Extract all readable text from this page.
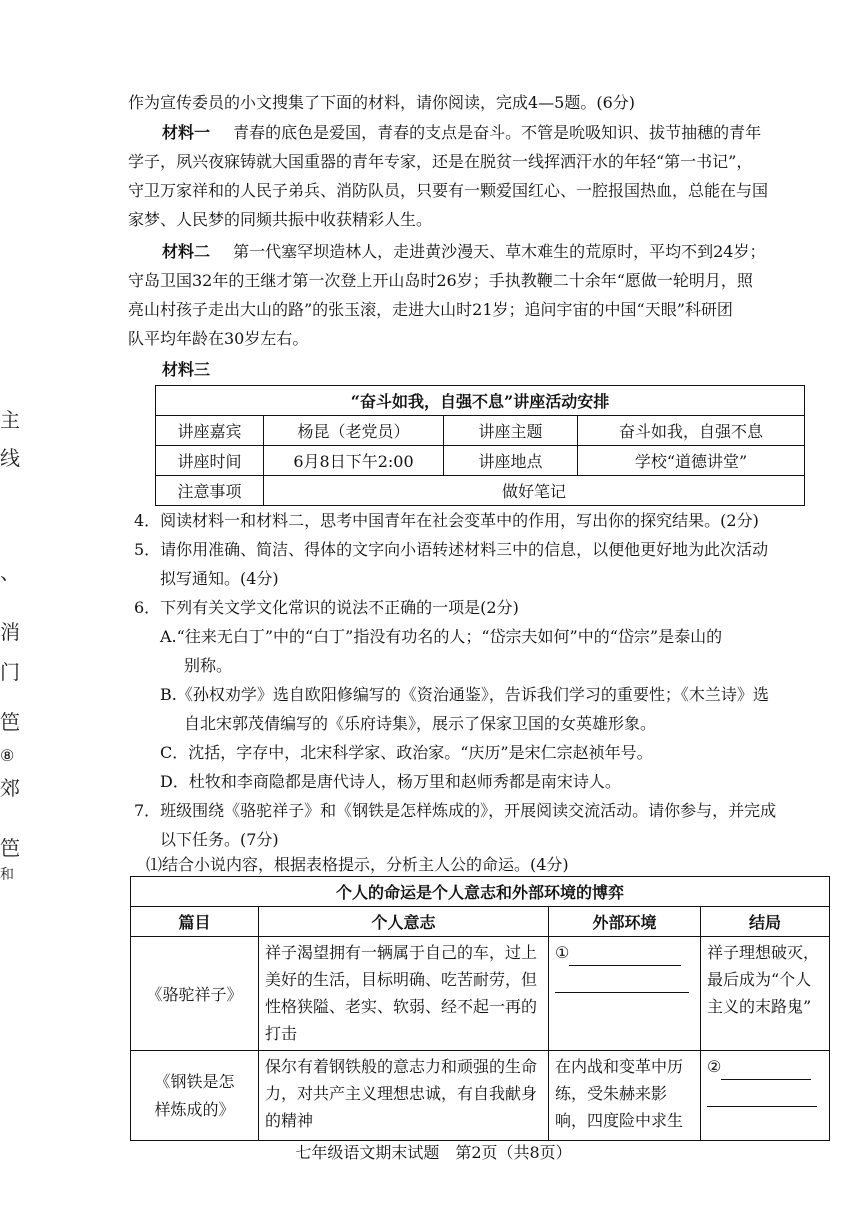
主
线
、
消
门
笆
⑧
郊
笆
和
作为宣传委员的小文搜集了下面的材料，请你阅读，完成4—5题。(6分)
材料一 青春的底色是爱国，青春的支点是奋斗。不管是吮吸知识、拔节抽穗的青年
学子，夙兴夜寐铸就大国重器的青年专家，还是在脱贫一线挥洒汗水的年轻“第一书记”，
守卫万家祥和的人民子弟兵、消防队员，只要有一颗爱国红心、一腔报国热血，总能在与国
家梦、人民梦的同频共振中收获精彩人生。
材料二 第一代塞罕坝造林人，走进黄沙漫天、草木难生的荒原时，平均不到24岁；
守岛卫国32年的王继才第一次登上开山岛时26岁；手执教鞭二十余年“愿做一轮明月，照
亮山村孩子走出大山的路”的张玉滚，走进大山时21岁；追问宇宙的中国“天眼”科研团
队平均年龄在30岁左右。
材料三
“奋斗如我，自强不息”讲座活动安排			
讲座嘉宾	杨昆（老党员）	讲座主题	奋斗如我，自强不息
讲座时间	6月8日下午2:00	讲座地点	学校“道德讲堂”
注意事项	做好笔记		
4．阅读材料一和材料二，思考中国青年在社会变革中的作用，写出你的探究结果。(2分)
5．请你用准确、简洁、得体的文字向小语转述材料三中的信息，以便他更好地为此次活动
拟写通知。(4分)
6．下列有关文学文化常识的说法不正确的一项是(2分)
A.“往来无白丁”中的“白丁”指没有功名的人；“岱宗夫如何”中的“岱宗”是泰山的
别称。
B.《孙权劝学》选自欧阳修编写的《资治通鉴》，告诉我们学习的重要性；《木兰诗》选
自北宋郭茂倩编写的《乐府诗集》，展示了保家卫国的女英雄形象。
C．沈括，字存中，北宋科学家、政治家。“庆历”是宋仁宗赵祯年号。
D．杜牧和李商隐都是唐代诗人，杨万里和赵师秀都是南宋诗人。
7．班级围绕《骆驼祥子》和《钢铁是怎样炼成的》，开展阅读交流活动。请你参与，并完成
以下任务。(7分)
⑴结合小说内容，根据表格提示，分析主人公的命运。(4分)
个人的命运是个人意志和外部环境的博弈			
篇目	个人意志	外部环境	结局
《骆驼祥子》	祥子渴望拥有一辆属于自己的车，过上美好的生活，目标明确、吃苦耐劳，但性格狭隘、老实、软弱、经不起一再的打击	①	祥子理想破灭，最后成为“个人主义的末路鬼”

《钢铁是怎样炼成的》	保尔有着钢铁般的意志力和顽强的生命力，对共产主义理想忠诚，有自我献身的精神	在内战和变革中历练，受朱赫来影响，四度险中求生	②

七年级语文期末试题　第2页（共8页）
